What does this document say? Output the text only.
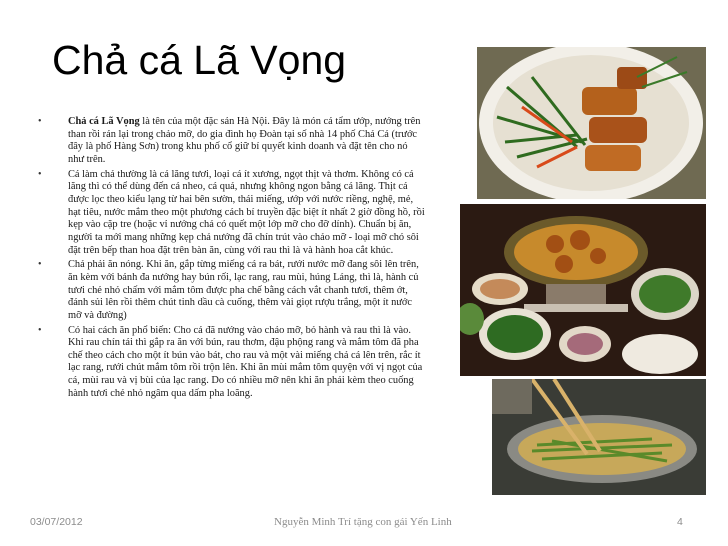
Chả cá Lã Vọng
•	Chả cá Lã Vọng là tên của một đặc sản Hà Nội. Đây là món cá tẩm ướp, nướng trên than rồi rán lại trong chảo mỡ, do gia đình họ Đoàn tại số nhà 14 phố Chả Cá (trước đây là phố Hàng Sơn) trong khu phố cổ giữ bí quyết kinh doanh và đặt tên cho nó như trên.
•	Cá làm chả thường là cá lăng tươi, loại cá ít xương, ngọt thịt và thơm. Không có cá lăng thì có thể dùng đến cá nheo, cá quả, nhưng không ngon bằng cá lăng. Thịt cá được lọc theo kiểu lạng từ hai bên sườn, thái miếng, ướp với nước riềng, nghệ, mẻ, hạt tiêu, nước mắm theo một phương cách bí truyền đặc biệt ít nhất 2 giờ đồng hồ, rồi kẹp vào cặp tre (hoặc vỉ nướng chả có quết một lớp mỡ cho đỡ dính). Chuẩn bị ăn, người ta mới mang những kẹp chả nướng đã chín trút vào chảo mỡ - loại mỡ chó sôi đặt trên bếp than hoa đặt trên bàn ăn, cùng với rau thì là và hành hoa cắt khúc.
•	Chả phải ăn nóng. Khi ăn, gắp từng miếng cá ra bát, rưới nước mỡ đang sôi lên trên, ăn kèm với bánh đa nướng hay bún rối, lạc rang, rau mùi, húng Láng, thì là, hành củ tươi chẻ nhỏ chấm với mắm tôm được pha chế bằng cách vắt chanh tươi, thêm ớt, đánh sủi lên rồi thêm chút tinh dầu cà cuống, thêm vài giọt rượu trắng, một ít nước mỡ và đường)
•	Có hai cách ăn phổ biến: Cho cá đã nướng vào chảo mỡ, bỏ hành và rau thì là vào. Khi rau chín tái thì gắp ra ăn với bún, rau thơm, đậu phộng rang và mắm tôm đã pha chế theo cách cho một ít bún vào bát, cho rau và một vài miếng chả cá lên trên, rắc ít lạc rang, rưới chút mắm tôm rồi trộn lên. Khi ăn mùi mắm tôm quyện với vị ngọt của cá, mùi rau và vị bùi của lạc rang. Do có nhiều mỡ nên khi ăn phải kèm theo cuống hành tươi chẻ nhỏ ngâm qua dấm pha loãng.
03/07/2012	Nguyễn Minh Trí tặng con gái Yến Linh	4
